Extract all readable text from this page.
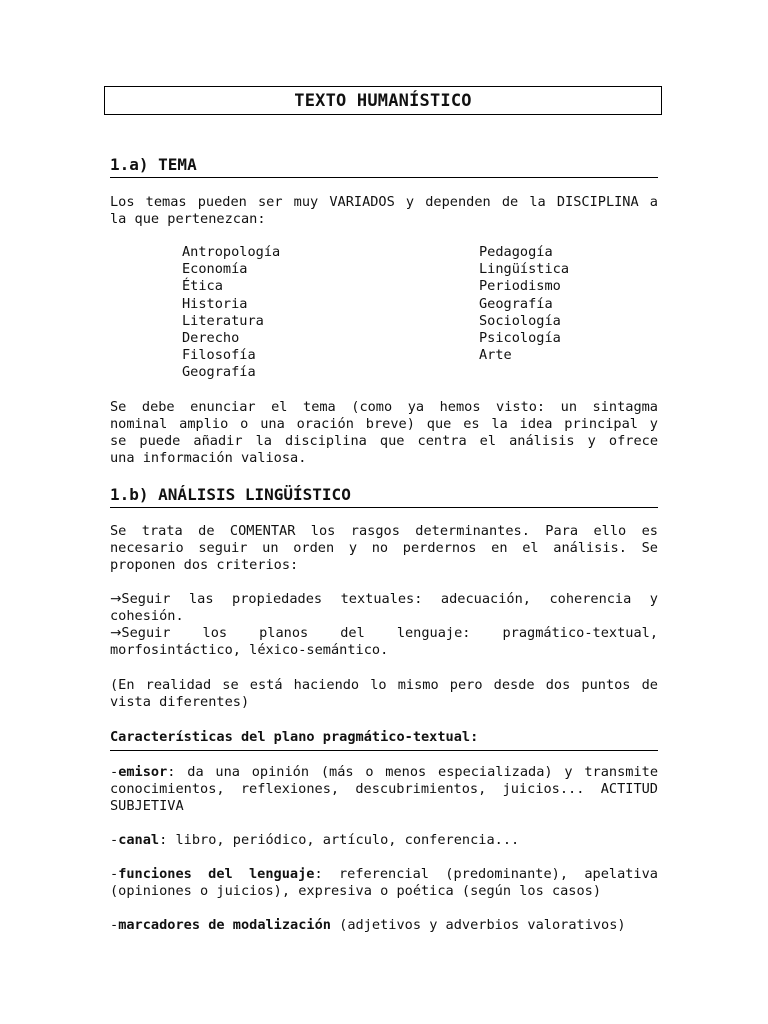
TEXTO HUMANÍSTICO
1.a) TEMA
Los temas pueden ser muy VARIADOS y dependen de la DISCIPLINA a
la que pertenezcan:
Antropología
Economía
Ética
Historia
Literatura
Derecho
Filosofía
Geografía
Pedagogía
Lingüística
Periodismo
Geografía
Sociología
Psicología
Arte
Se debe enunciar el tema (como ya hemos visto: un sintagma
nominal amplio o una oración breve) que es la idea principal y
se puede añadir la disciplina que centra el análisis y ofrece
una información valiosa.
1.b) ANÁLISIS LINGÜÍSTICO
Se trata de COMENTAR los rasgos determinantes. Para ello es
necesario seguir un orden y no perdernos en el análisis. Se
proponen dos criterios:
→Seguir las propiedades textuales: adecuación, coherencia y
cohesión.
→Seguir los planos del lenguaje: pragmático-textual,
morfosintáctico, léxico-semántico.
(En realidad se está haciendo lo mismo pero desde dos puntos de
vista diferentes)
Características del plano pragmático-textual:
-emisor: da una opinión (más o menos especializada) y transmite
conocimientos, reflexiones, descubrimientos, juicios... ACTITUD
SUBJETIVA
-canal: libro, periódico, artículo, conferencia...
-funciones del lenguaje: referencial (predominante), apelativa
(opiniones o juicios), expresiva o poética (según los casos)
-marcadores de modalización (adjetivos y adverbios valorativos)
